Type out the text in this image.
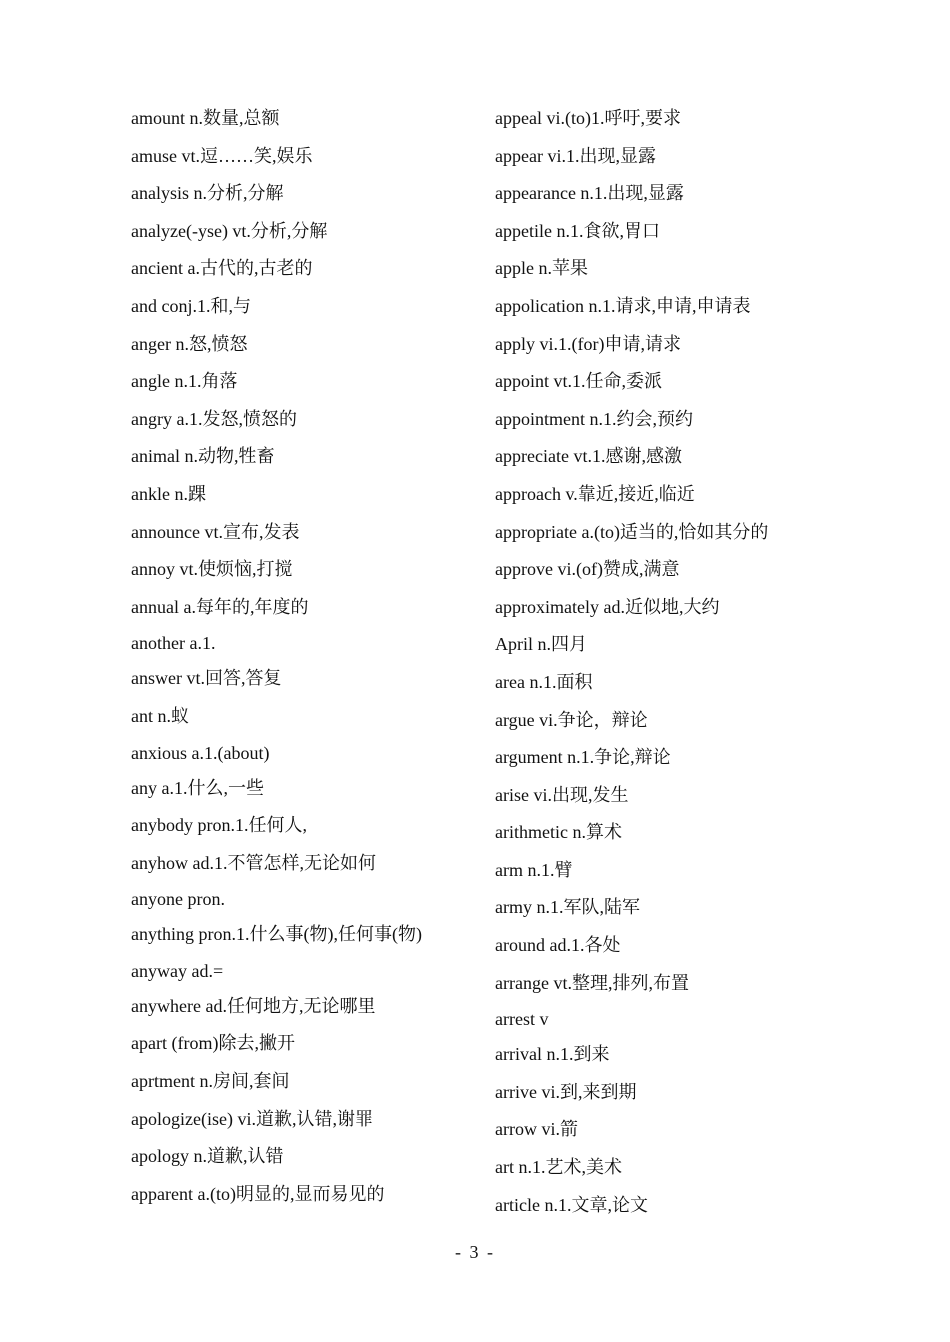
amount n.数量,总额
amuse vt.逗……笑,娱乐
analysis n.分析,分解
analyze(-yse) vt.分析,分解
ancient a.古代的,古老的
and conj.1.和,与
anger n.怒,愤怒
angle n.1.角落
angry a.1.发怒,愤怒的
animal n.动物,牲畜
ankle n.踝
announce vt.宣布,发表
annoy vt.使烦恼,打搅
annual a.每年的,年度的
another a.1.
answer vt.回答,答复
ant n.蚁
anxious a.1.(about)
any a.1.什么,一些
anybody pron.1.任何人,
anyhow ad.1.不管怎样,无论如何
anyone pron.
anything pron.1.什么事(物),任何事(物)
anyway ad.=
anywhere ad.任何地方,无论哪里
apart (from)除去,撇开
aprtment n.房间,套间
apologize(ise) vi.道歉,认错,谢罪
apology n.道歉,认错
apparent a.(to)明显的,显而易见的
appeal vi.(to)1.呼吁,要求
appear vi.1.出现,显露
appearance n.1.出现,显露
appetile n.1.食欲,胃口
apple n.苹果
appolication n.1.请求,申请,申请表
apply vi.1.(for)申请,请求
appoint vt.1.任命,委派
appointment n.1.约会,预约
appreciate vt.1.感谢,感激
approach v.靠近,接近,临近
appropriate a.(to)适当的,恰如其分的
approve vi.(of)赞成,满意
approximately ad.近似地,大约
April n.四月
area n.1.面积
argue vi.争论，辩论
argument n.1.争论,辩论
arise vi.出现,发生
arithmetic n.算术
arm n.1.臂
army n.1.军队,陆军
around ad.1.各处
arrange vt.整理,排列,布置
arrest v
arrival n.1.到来
arrive vi.到,来到期
arrow vi.箭
art n.1.艺术,美术
article n.1.文章,论文
- 3 -
